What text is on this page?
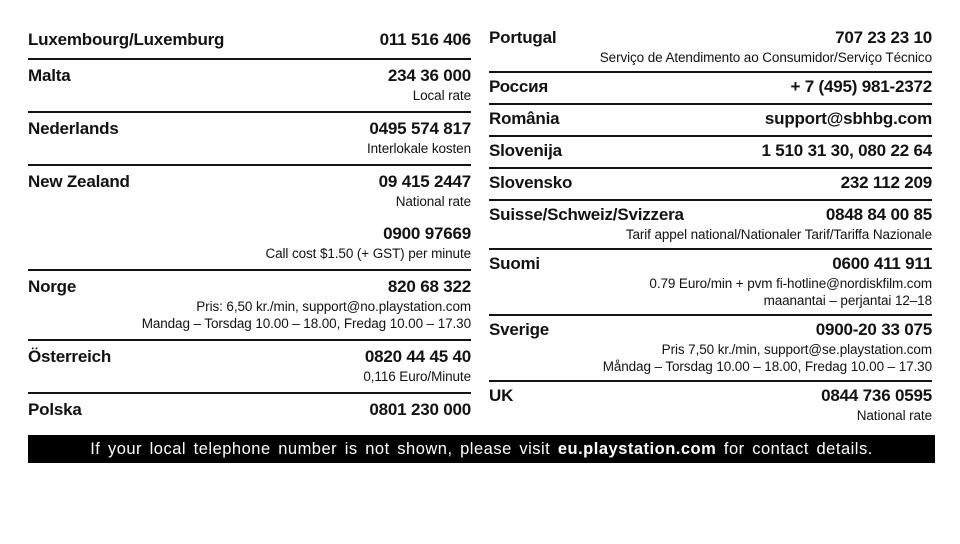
Luxembourg/Luxemburg	011 516 406
Malta	234 36 000
Local rate
Nederlands	0495 574 817
Interlokale kosten
New Zealand	09 415 2447
National rate
0900 97669
Call cost $1.50 (+ GST) per minute
Norge	820 68 322
Pris: 6,50 kr./min, support@no.playstation.com
Mandag – Torsdag 10.00 – 18.00, Fredag 10.00 – 17.30
Österreich	0820 44 45 40
0,116 Euro/Minute
Polska	0801 230 000
Portugal	707 23 23 10
Serviço de Atendimento ao Consumidor/Serviço Técnico
Россия	+ 7 (495) 981-2372
România	support@sbhbg.com
Slovenija	1 510 31 30, 080 22 64
Slovensko	232 112 209
Suisse/Schweiz/Svizzera	0848 84 00 85
Tarif appel national/Nationaler Tarif/Tariffa Nazionale
Suomi	0600 411 911
0.79 Euro/min + pvm fi-hotline@nordiskfilm.com
maanantai – perjantai 12–18
Sverige	0900-20 33 075
Pris 7,50 kr./min, support@se.playstation.com
Måndag – Torsdag 10.00 – 18.00, Fredag 10.00 – 17.30
UK	0844 736 0595
National rate
If your local telephone number is not shown, please visit eu.playstation.com for contact details.
